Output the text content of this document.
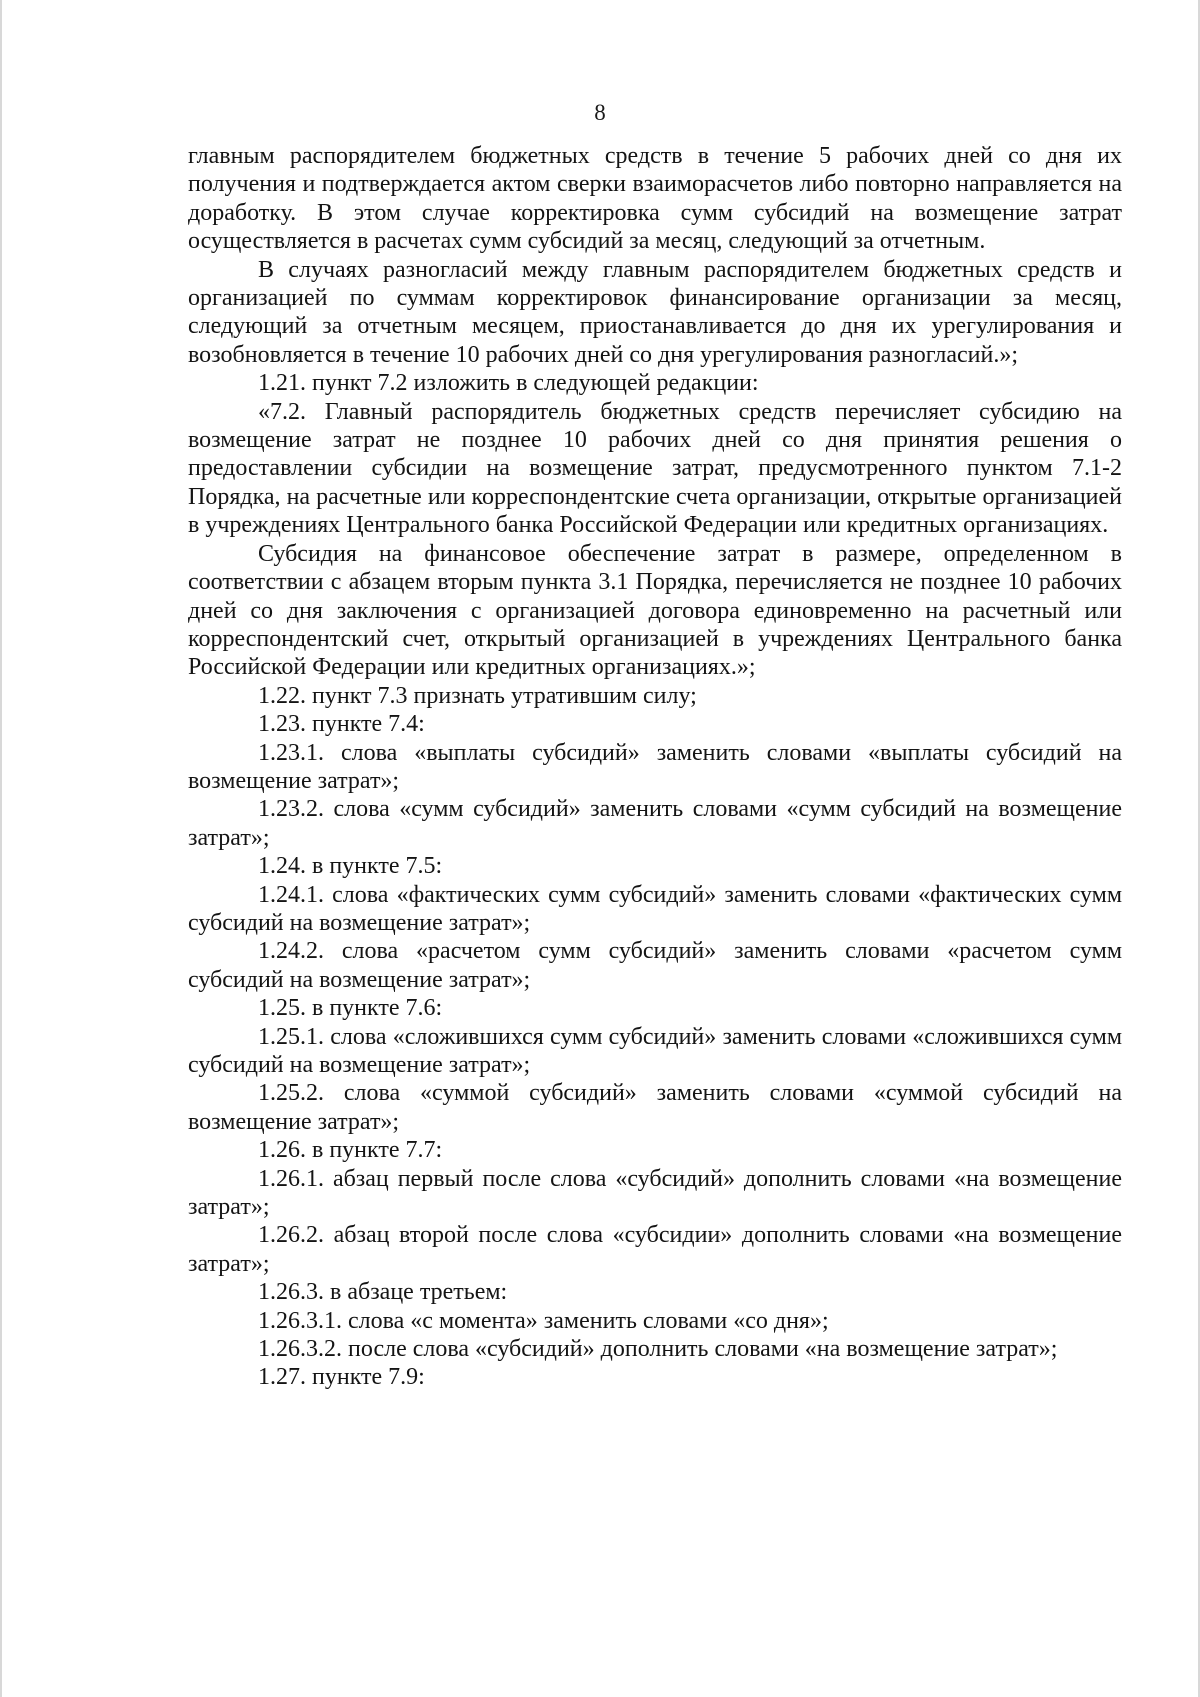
8

главным распорядителем бюджетных средств в течение 5 рабочих дней со дня их получения и подтверждается актом сверки взаиморасчетов либо повторно направляется на доработку. В этом случае корректировка сумм субсидий на возмещение затрат осуществляется в расчетах сумм субсидий за месяц, следующий за отчетным.

В случаях разногласий между главным распорядителем бюджетных средств и организацией по суммам корректировок финансирование организации за месяц, следующий за отчетным месяцем, приостанавливается до дня их урегулирования и возобновляется в течение 10 рабочих дней со дня урегулирования разногласий.»;

1.21. пункт 7.2 изложить в следующей редакции:

«7.2. Главный распорядитель бюджетных средств перечисляет субсидию на возмещение затрат не позднее 10 рабочих дней со дня принятия решения о предоставлении субсидии на возмещение затрат, предусмотренного пунктом 7.1-2 Порядка, на расчетные или корреспондентские счета организации, открытые организацией в учреждениях Центрального банка Российской Федерации или кредитных организациях.

Субсидия на финансовое обеспечение затрат в размере, определенном в соответствии с абзацем вторым пункта 3.1 Порядка, перечисляется не позднее 10 рабочих дней со дня заключения с организацией договора единовременно на расчетный или корреспондентский счет, открытый организацией в учреждениях Центрального банка Российской Федерации или кредитных организациях.»;

1.22. пункт 7.3 признать утратившим силу;

1.23. пункте 7.4:

1.23.1. слова «выплаты субсидий» заменить словами «выплаты субсидий на возмещение затрат»;

1.23.2. слова «сумм субсидий» заменить словами «сумм субсидий на возмещение затрат»;

1.24. в пункте 7.5:

1.24.1. слова «фактических сумм субсидий» заменить словами «фактических сумм субсидий на возмещение затрат»;

1.24.2. слова «расчетом сумм субсидий» заменить словами «расчетом сумм субсидий на возмещение затрат»;

1.25. в пункте 7.6:

1.25.1. слова «сложившихся сумм субсидий» заменить словами «сложившихся сумм субсидий на возмещение затрат»;

1.25.2. слова «суммой субсидий» заменить словами «суммой субсидий на возмещение затрат»;

1.26. в пункте 7.7:

1.26.1. абзац первый после слова «субсидий» дополнить словами «на возмещение затрат»;

1.26.2. абзац второй после слова «субсидии» дополнить словами «на возмещение затрат»;

1.26.3. в абзаце третьем:

1.26.3.1. слова «с момента» заменить словами «со дня»;

1.26.3.2. после слова «субсидий» дополнить словами «на возмещение затрат»;

1.27. пункте 7.9:
